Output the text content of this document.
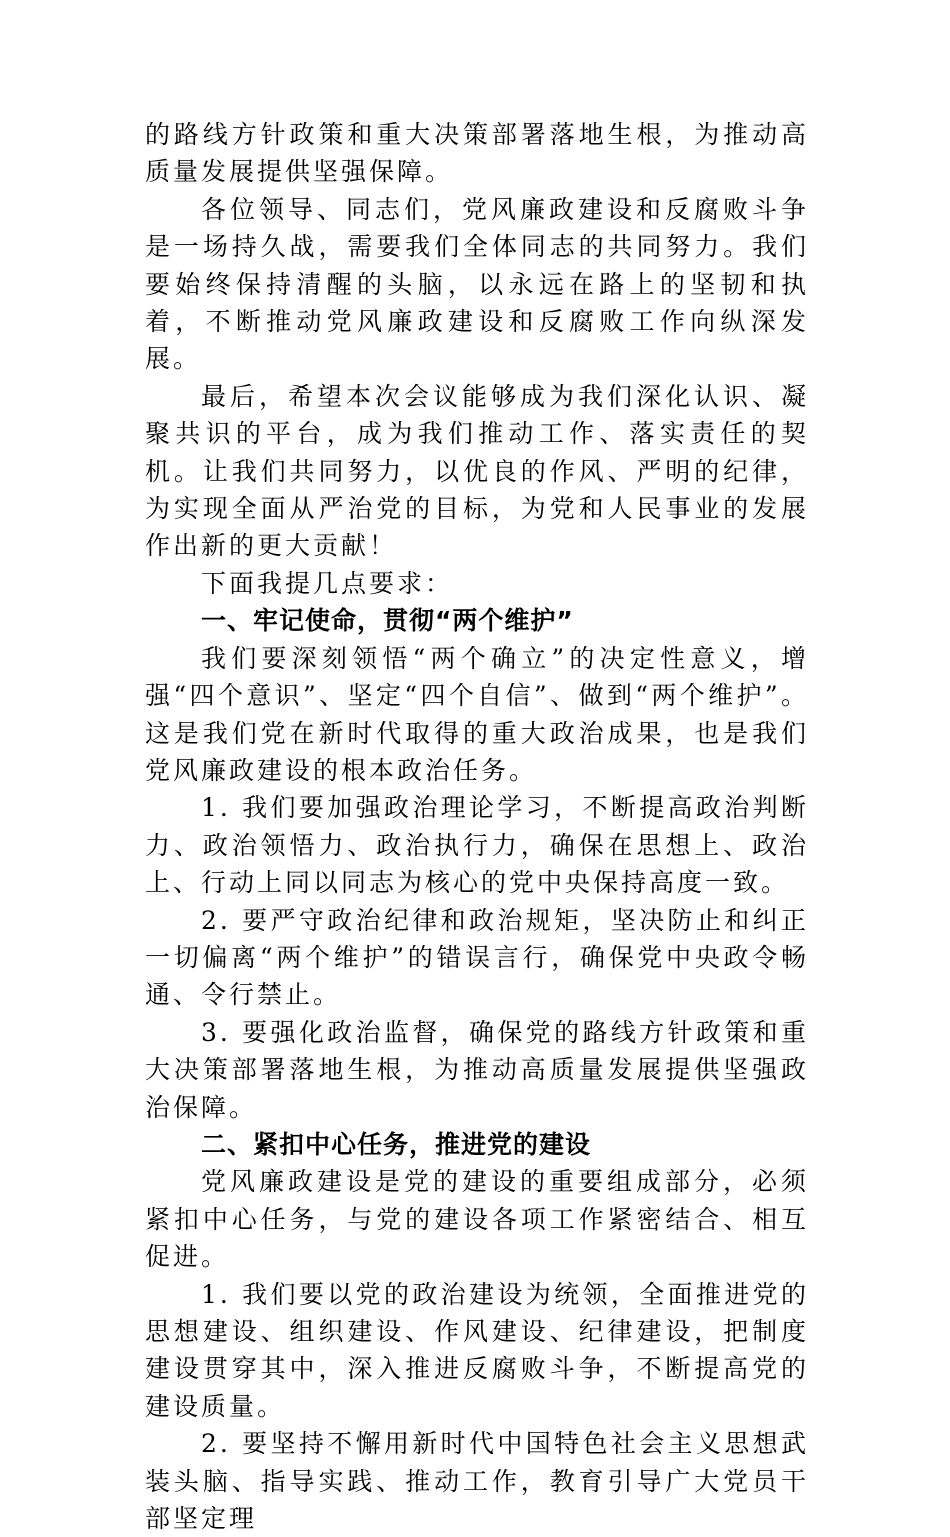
的路线方针政策和重大决策部署落地生根，为推动高质量发展提供坚强保障。

各位领导、同志们，党风廉政建设和反腐败斗争是一场持久战，需要我们全体同志的共同努力。我们要始终保持清醒的头脑，以永远在路上的坚韧和执着，不断推动党风廉政建设和反腐败工作向纵深发展。

最后，希望本次会议能够成为我们深化认识、凝聚共识的平台，成为我们推动工作、落实责任的契机。让我们共同努力，以优良的作风、严明的纪律，为实现全面从严治党的目标，为党和人民事业的发展作出新的更大贡献！

下面我提几点要求：

一、牢记使命，贯彻“两个维护”

我们要深刻领悟“两个确立”的决定性意义，增强“四个意识”、坚定“四个自信”、做到“两个维护”。这是我们党在新时代取得的重大政治成果，也是我们党风廉政建设的根本政治任务。

1. 我们要加强政治理论学习，不断提高政治判断力、政治领悟力、政治执行力，确保在思想上、政治上、行动上同以同志为核心的党中央保持高度一致。

2. 要严守政治纪律和政治规矩，坚决防止和纠正一切偏离“两个维护”的错误言行，确保党中央政令畅通、令行禁止。

3. 要强化政治监督，确保党的路线方针政策和重大决策部署落地生根，为推动高质量发展提供坚强政治保障。

二、紧扣中心任务，推进党的建设

党风廉政建设是党的建设的重要组成部分，必须紧扣中心任务，与党的建设各项工作紧密结合、相互促进。

1. 我们要以党的政治建设为统领，全面推进党的思想建设、组织建设、作风建设、纪律建设，把制度建设贯穿其中，深入推进反腐败斗争，不断提高党的建设质量。

2. 要坚持不懈用新时代中国特色社会主义思想武装头脑、指导实践、推动工作，教育引导广大党员干部坚定理
